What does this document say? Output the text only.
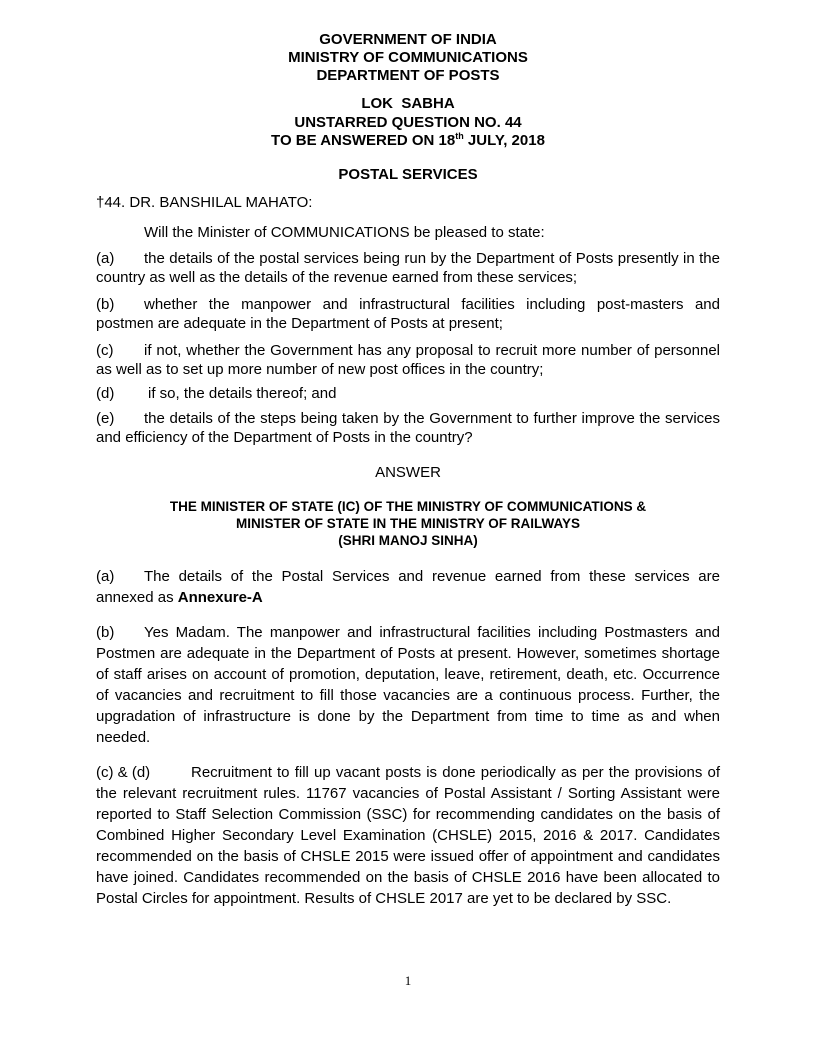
GOVERNMENT OF INDIA
MINISTRY OF COMMUNICATIONS
DEPARTMENT OF POSTS
LOK  SABHA
UNSTARRED QUESTION NO. 44
TO BE ANSWERED ON 18th JULY, 2018
POSTAL SERVICES
†44. DR. BANSHILAL MAHATO:
Will the Minister of COMMUNICATIONS be pleased to state:
(a) the details of the postal services being run by the Department of Posts presently in the country as well as the details of the revenue earned from these services;
(b) whether the manpower and infrastructural facilities including post-masters and postmen are adequate in the Department of Posts at present;
(c) if not, whether the Government has any proposal to recruit more number of personnel as well as to set up more number of new post offices in the country;
(d) if so, the details thereof; and
(e) the details of the steps being taken by the Government to further improve the services and efficiency of the Department of Posts in the country?
ANSWER
THE MINISTER OF STATE (IC) OF THE MINISTRY OF COMMUNICATIONS &
MINISTER OF STATE IN THE MINISTRY OF RAILWAYS
(SHRI MANOJ SINHA)
(a) The details of the Postal Services and revenue earned from these services are annexed as Annexure-A
(b) Yes Madam. The manpower and infrastructural facilities including Postmasters and Postmen are adequate in the Department of Posts at present. However, sometimes shortage of staff arises on account of promotion, deputation, leave, retirement, death, etc. Occurrence of vacancies and recruitment to fill those vacancies are a continuous process. Further, the upgradation of infrastructure is done by the Department from time to time as and when needed.
(c) & (d)	Recruitment to fill up vacant posts is done periodically as per the provisions of the relevant recruitment rules. 11767 vacancies of Postal Assistant / Sorting Assistant were reported to Staff Selection Commission (SSC) for recommending candidates on the basis of Combined Higher Secondary Level Examination (CHSLE) 2015, 2016 & 2017. Candidates recommended on the basis of CHSLE 2015 were issued offer of appointment and candidates have joined. Candidates recommended on the basis of CHSLE 2016 have been allocated to Postal Circles for appointment. Results of CHSLE 2017 are yet to be declared by SSC.
1
